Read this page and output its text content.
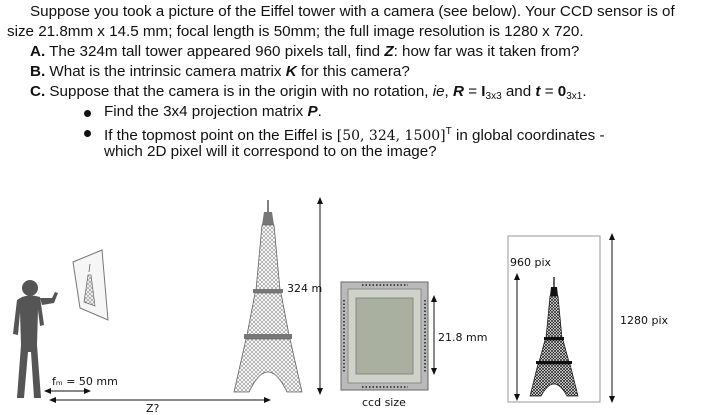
Suppose you took a picture of the Eiffel tower with a camera (see below). Your CCD sensor is of
size 21.8mm x 14.5 mm; focal length is 50mm; the full image resolution is 1280 x 720.
A. The 324m tall tower appeared 960 pixels tall, find Z: how far was it taken from?
B. What is the intrinsic camera matrix K for this camera?
C. Suppose that the camera is in the origin with no rotation, ie, $R = I_{3x3}$ and $t = 0_{3x1}$.
Find the 3x4 projection matrix P.
If the topmost point on the Eiffel is [50, 324, 1500]$^T$ in global coordinates -
which 2D pixel will it correspond to on the image?
fₘ = 50 mm
Z?
324 m
21.8 mm
ccd size
960 pix
1280 pix
